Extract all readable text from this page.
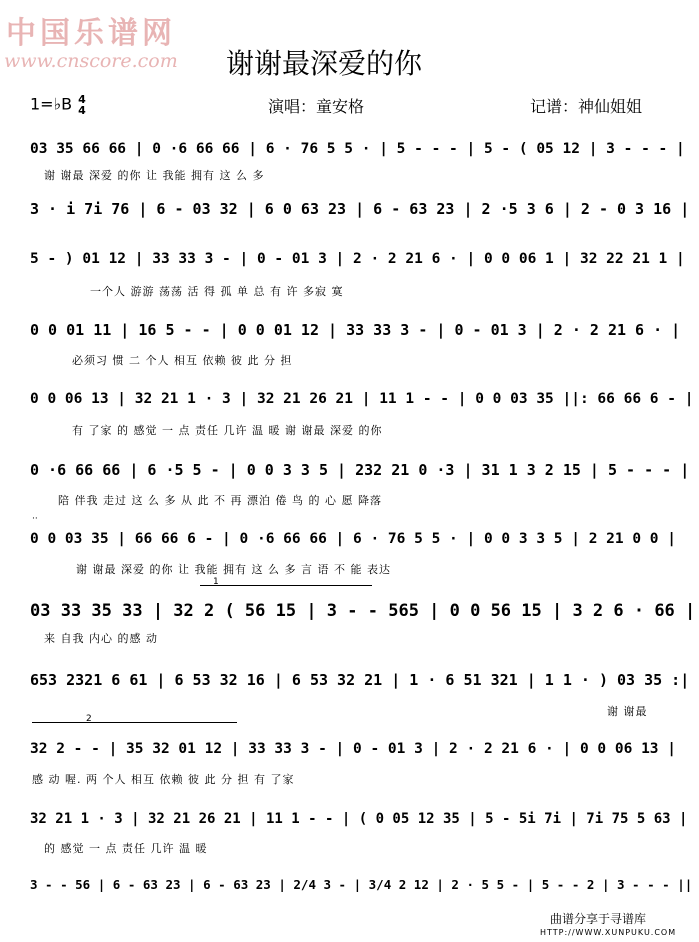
中国乐谱网
www.cnscore.com 谢谢最深爱的你
1=♭B 4
4	演唱：童安格	记谱：神仙姐姐
03 35 66 66 | 0 ·6 66 66 | 6 · 76 5 5 · | 5 - - - | 5 - ( 05 12 | 3 - - - |
谢 谢最 深爱 的你 让 我能 拥有 这 么 多
3 · i 7i 76 | 6 - 03 32 | 6 0 63 23 | 6 - 63 23 | 2 ·5 3 6 | 2 - 0 3 16 |
5 - ) 01 12 | 33 33 3 - | 0 - 01 3 | 2 · 2 21 6 · | 0 0 06 1 | 32 22 21 1 |
一个人 游游 荡荡 活 得 孤 单 总 有 许 多寂 寞
0 0 01 11 | 16 5 - - | 0 0 01 12 | 33 33 3 - | 0 - 01 3 | 2 · 2 21 6 · |
必须习 惯 二 个人 相互 依赖 彼 此 分 担
0 0 06 13 | 32 21 1 · 3 | 32 21 26 21 | 11 1 - - | 0 0 03 35 ||: 66 66 6 - |
有 了家 的 感觉 一 点 责任 几许 温 暖 谢 谢最 深爱 的你
0 ·6 66 66 | 6 ·5 5 - | 0 0 3 3 5 | 232 21 0 ·3 | 31 1 3 2 15 | 5 - - - |
陪 伴我 走过 这 么 多 从 此 不 再 漂泊 倦 鸟 的 心 愿 降落
··
0 0 03 35 | 66 66 6 - | 0 ·6 66 66 | 6 · 76 5 5 · | 0 0 3 3 5 | 2 21 0 0 |
谢 谢最 深爱 的你 让 我能 拥有 这 么 多 言 语 不 能 表达
1
03 33 35 33 | 32 2 ( 56 15 | 3 - - 565 | 0 0 56 15 | 3 2 6 · 66 |
来 自我 内心 的感 动
653 2321 6 61 | 6 53 32 16 | 6 53 32 21 | 1 · 6 51 321 | 1 1 · ) 03 35 :|
谢 谢最
2
32 2 - - | 35 32 01 12 | 33 33 3 - | 0 - 01 3 | 2 · 2 21 6 · | 0 0 06 13 |
感 动 喔. 两 个人 相互 依赖 彼 此 分 担 有 了家
32 21 1 · 3 | 32 21 26 21 | 11 1 - - | ( 0 05 12 35 | 5 - 5i 7i | 7i 75 5 63 |
的 感觉 一 点 责任 几许 温 暖
3 - - 56 | 6 - 63 23 | 6 - 63 23 | 2/4 3 - | 3/4 2 12 | 2 · 5 5 - | 5 - - 2 | 3 - - - ||
曲谱分享于寻谱库
HTTP://WWW.XUNPUKU.COM
